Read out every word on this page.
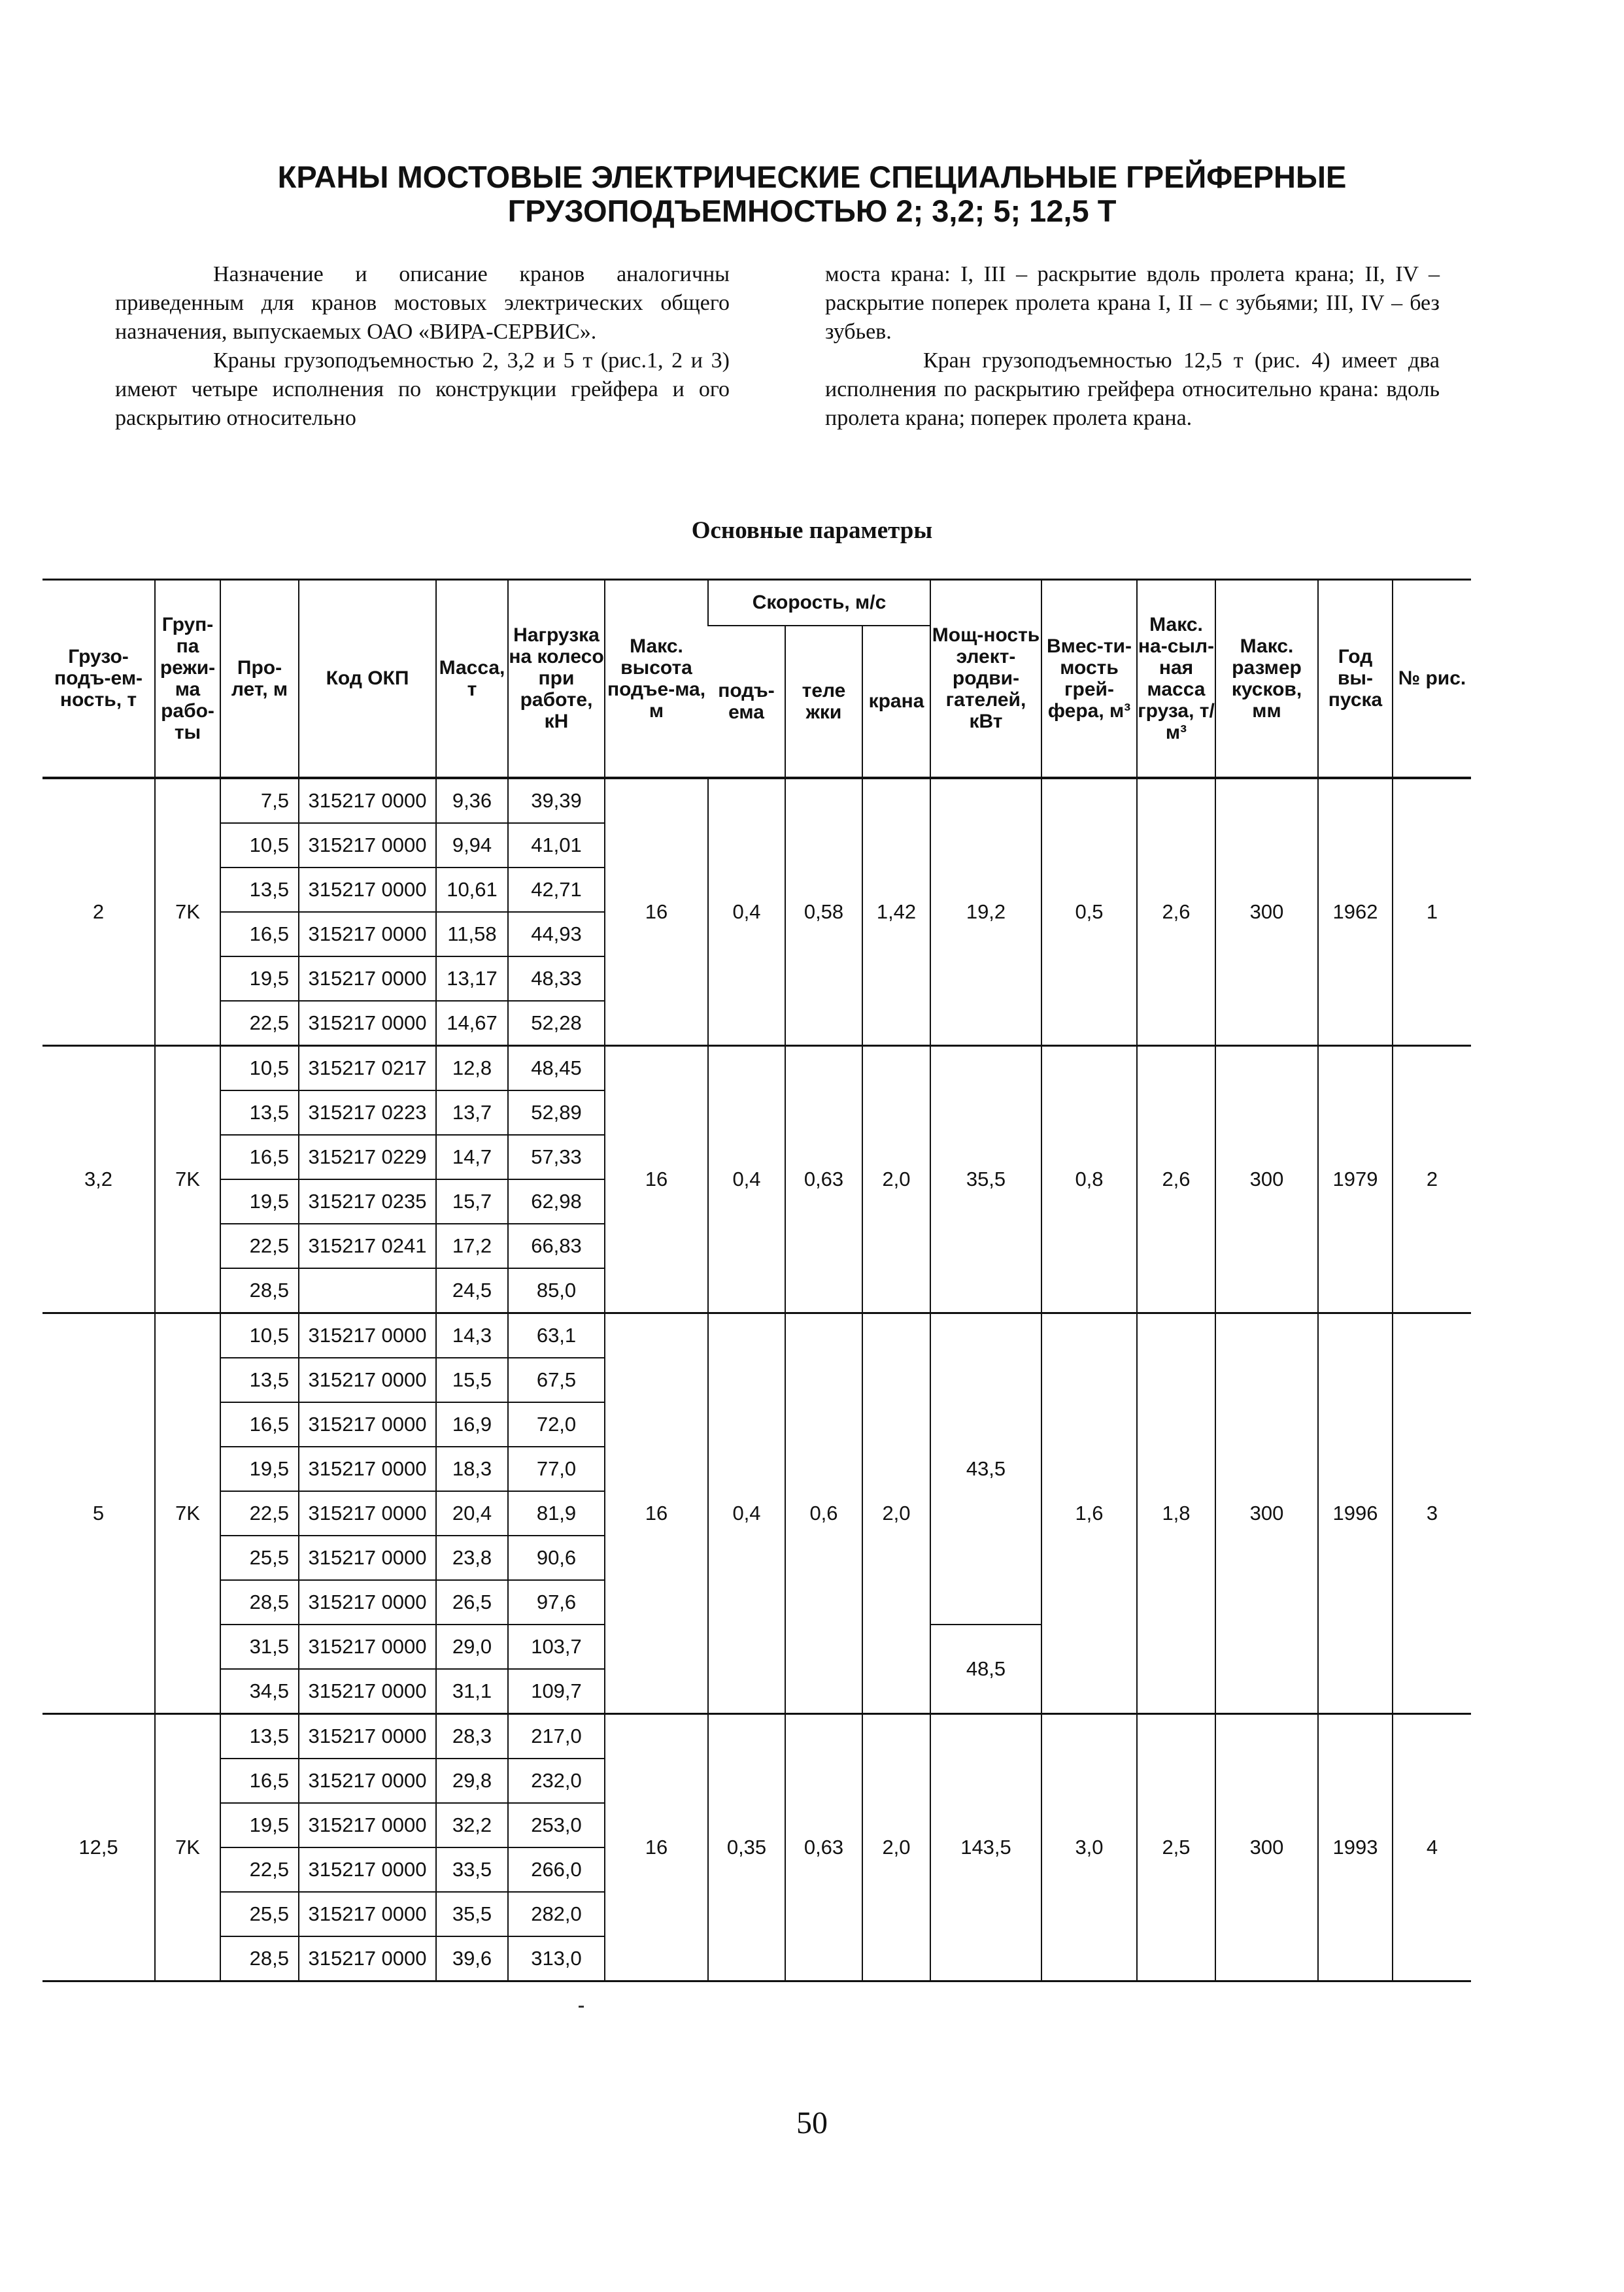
КРАНЫ МОСТОВЫЕ ЭЛЕКТРИЧЕСКИЕ СПЕЦИАЛЬНЫЕ ГРЕЙФЕРНЫЕ
ГРУЗОПОДЪЕМНОСТЬЮ 2; 3,2; 5; 12,5 Т

Назначение и описание кранов аналогичны приведенным для кранов мостовых электрических общего назначения, выпускаемых ОАО «ВИРА-СЕРВИС».

Краны грузоподъемностью 2, 3,2 и 5 т (рис.1, 2 и 3) имеют четыре исполнения по конструкции грейфера и ого раскрытию относительно

моста крана: I, III – раскрытие вдоль пролета крана; II, IV – раскрытие поперек пролета крана I, II – с зубьями; III, IV – без зубьев.

Кран грузоподъемностью 12,5 т (рис. 4) имеет два исполнения по раскрытию грейфера относительно крана: вдоль пролета крана; поперек пролета крана.

Основные параметры
Грузо-подъ-ем-ность, т	Груп-па режи-ма рабо-ты	Про-лет, м	Код ОКП	Масса, т	Нагрузка на колесо при работе, кН	Макс. высота подъе-ма, м	Скорость, м/с			Мощ-ность элект-родви-гателей, кВт	Вмес-ти-мость грей-фера, м³	Макс. на-сыл-ная масса груза, т/м³	Макс. размер кусков, мм	Год вы-пуска	№ рис.
							подъ-ема	теле жки	крана						
2	7K	7,5	315217 0000	9,36	39,39	16	0,4	0,58	1,42	19,2	0,5	2,6	300	1962	1
		10,5	315217 0000	9,94	41,01										
		13,5	315217 0000	10,61	42,71										
		16,5	315217 0000	11,58	44,93										
		19,5	315217 0000	13,17	48,33										
		22,5	315217 0000	14,67	52,28										
3,2	7K	10,5	315217 0217	12,8	48,45	16	0,4	0,63	2,0	35,5	0,8	2,6	300	1979	2
		13,5	315217 0223	13,7	52,89										
		16,5	315217 0229	14,7	57,33										
		19,5	315217 0235	15,7	62,98										
		22,5	315217 0241	17,2	66,83										
		28,5		24,5	85,0										
5	7K	10,5	315217 0000	14,3	63,1	16	0,4	0,6	2,0	43,5	1,6	1,8	300	1996	3
		13,5	315217 0000	15,5	67,5										
		16,5	315217 0000	16,9	72,0										
		19,5	315217 0000	18,3	77,0										
		22,5	315217 0000	20,4	81,9										
		25,5	315217 0000	23,8	90,6										
		28,5	315217 0000	26,5	97,6										
		31,5	315217 0000	29,0	103,7					48,5					
		34,5	315217 0000	31,1	109,7										
12,5	7K	13,5	315217 0000	28,3	217,0	16	0,35	0,63	2,0	143,5	3,0	2,5	300	1993	4
		16,5	315217 0000	29,8	232,0										
		19,5	315217 0000	32,2	253,0										
		22,5	315217 0000	33,5	266,0										
		25,5	315217 0000	35,5	282,0										
		28,5	315217 0000	39,6	313,0										
50
